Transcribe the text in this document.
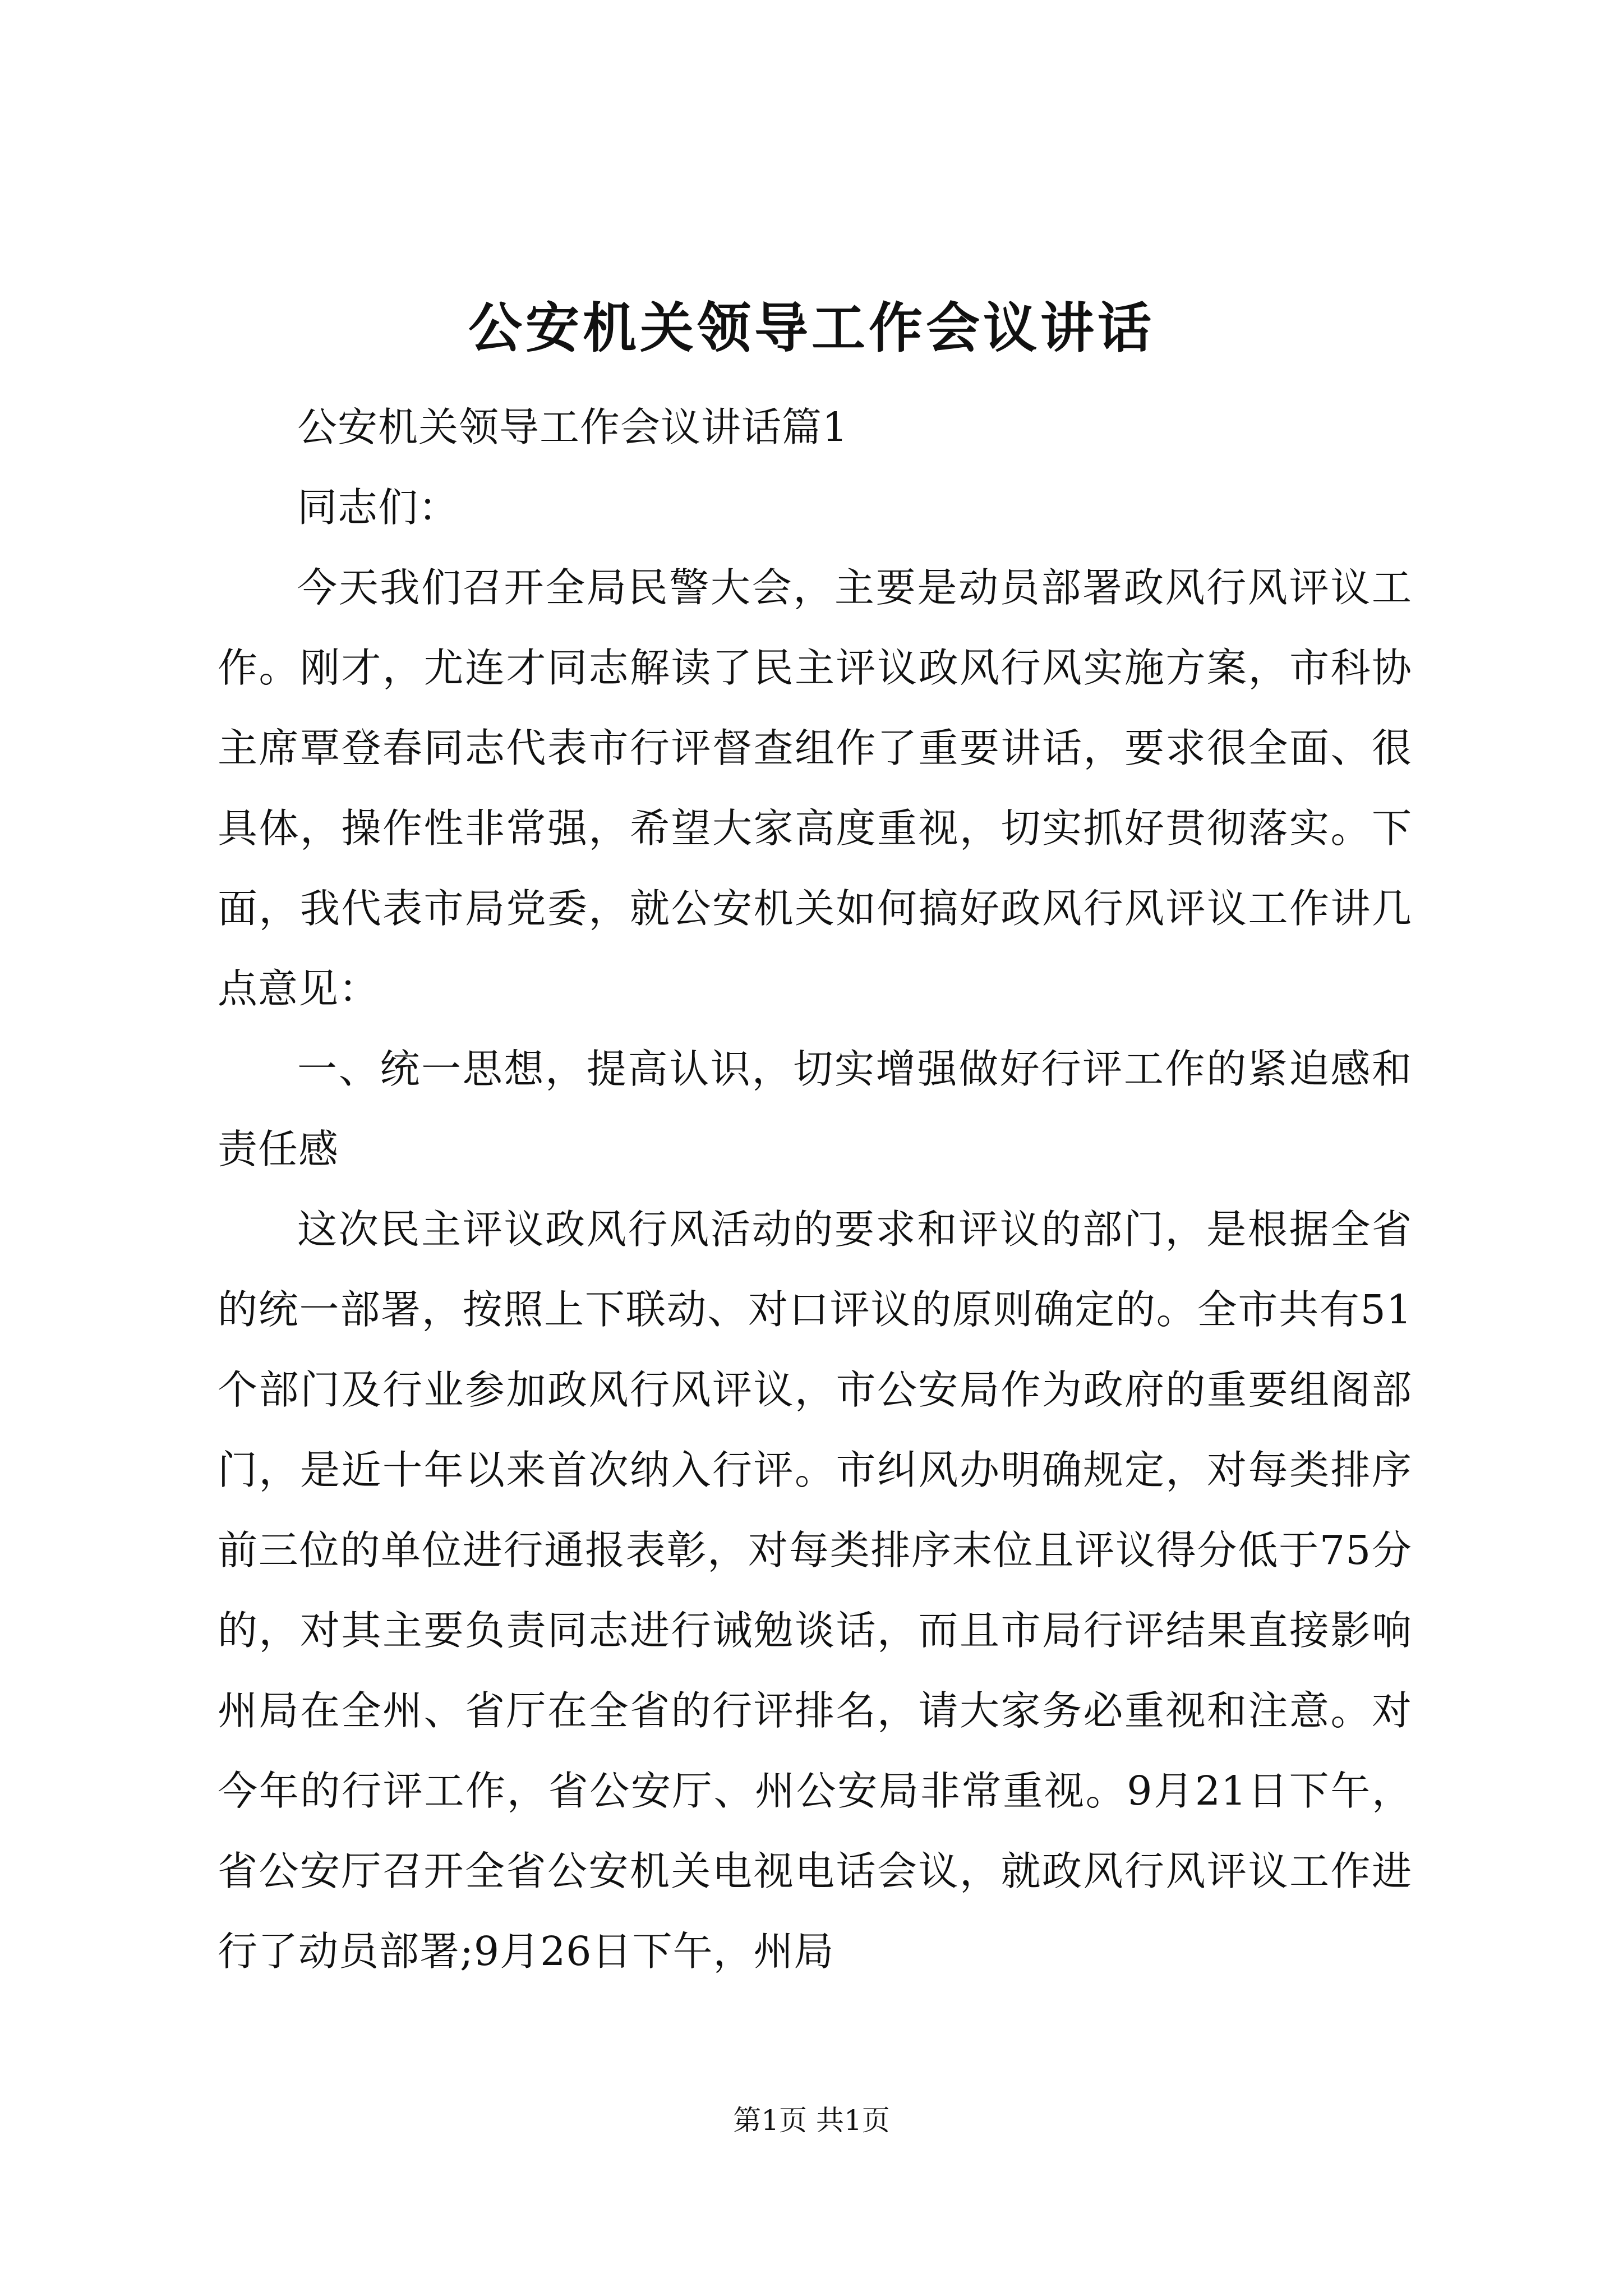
公安机关领导工作会议讲话

公安机关领导工作会议讲话篇1

同志们：

今天我们召开全局民警大会，主要是动员部署政风行风评议工作。刚才，尤连才同志解读了民主评议政风行风实施方案，市科协主席覃登春同志代表市行评督查组作了重要讲话，要求很全面、很具体，操作性非常强，希望大家高度重视，切实抓好贯彻落实。下面，我代表市局党委，就公安机关如何搞好政风行风评议工作讲几点意见：

一、统一思想，提高认识，切实增强做好行评工作的紧迫感和责任感

这次民主评议政风行风活动的要求和评议的部门，是根据全省的统一部署，按照上下联动、对口评议的原则确定的。全市共有51个部门及行业参加政风行风评议，市公安局作为政府的重要组阁部门，是近十年以来首次纳入行评。市纠风办明确规定，对每类排序前三位的单位进行通报表彰，对每类排序末位且评议得分低于75分的，对其主要负责同志进行诫勉谈话，而且市局行评结果直接影响州局在全州、省厅在全省的行评排名，请大家务必重视和注意。对今年的行评工作，省公安厅、州公安局非常重视。9月21日下午，省公安厅召开全省公安机关电视电话会议，就政风行风评议工作进行了动员部署;9月26日下午，州局

第1页 共1页
